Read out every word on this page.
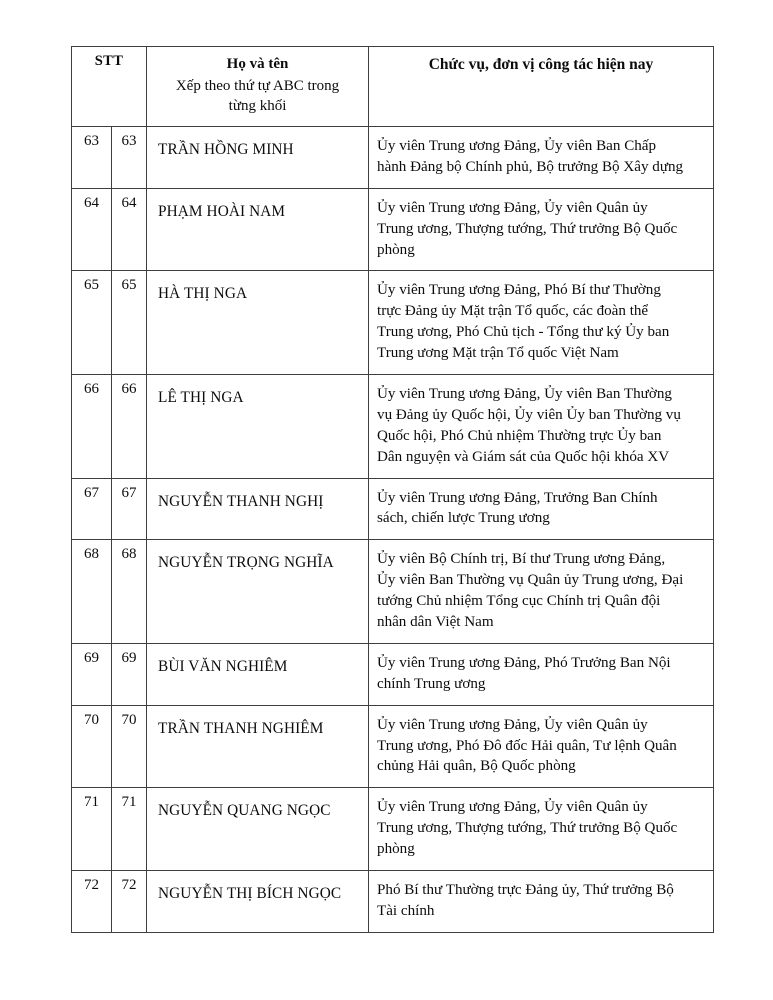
STT		Họ và tên
Xếp theo thứ tự ABC trong
từng khối	Chức vụ, đơn vị công tác hiện nay
63	63	TRẦN HỒNG MINH	Ủy viên Trung ương Đảng, Ủy viên Ban Chấp
hành Đảng bộ Chính phủ, Bộ trưởng Bộ Xây dựng

64	64	PHẠM HOÀI NAM	Ủy viên Trung ương Đảng, Ủy viên Quân ủy
Trung ương, Thượng tướng, Thứ trưởng Bộ Quốc
phòng

65	65	HÀ THỊ NGA	Ủy viên Trung ương Đảng, Phó Bí thư Thường
trực Đảng ủy Mặt trận Tổ quốc, các đoàn thể
Trung ương, Phó Chủ tịch - Tổng thư ký Ủy ban
Trung ương Mặt trận Tổ quốc Việt Nam

66	66	LÊ THỊ NGA	Ủy viên Trung ương Đảng, Ủy viên Ban Thường
vụ Đảng ủy Quốc hội, Ủy viên Ủy ban Thường vụ
Quốc hội, Phó Chủ nhiệm Thường trực Ủy ban
Dân nguyện và Giám sát của Quốc hội khóa XV

67	67	NGUYỄN THANH NGHỊ	Ủy viên Trung ương Đảng, Trưởng Ban Chính
sách, chiến lược Trung ương

68	68	NGUYỄN TRỌNG NGHĨA	Ủy viên Bộ Chính trị, Bí thư Trung ương Đảng,
Ủy viên Ban Thường vụ Quân ủy Trung ương, Đại
tướng Chủ nhiệm Tổng cục Chính trị Quân đội
nhân dân Việt Nam

69	69	BÙI VĂN NGHIÊM	Ủy viên Trung ương Đảng, Phó Trưởng Ban Nội
chính Trung ương

70	70	TRẦN THANH NGHIÊM	Ủy viên Trung ương Đảng, Ủy viên Quân ủy
Trung ương, Phó Đô đốc Hải quân, Tư lệnh Quân
chủng Hải quân, Bộ Quốc phòng

71	71	NGUYỄN QUANG NGỌC	Ủy viên Trung ương Đảng, Ủy viên Quân ủy
Trung ương, Thượng tướng, Thứ trưởng Bộ Quốc
phòng

72	72	NGUYỄN THỊ BÍCH NGỌC	Phó Bí thư Thường trực Đảng ủy, Thứ trưởng Bộ
Tài chính
